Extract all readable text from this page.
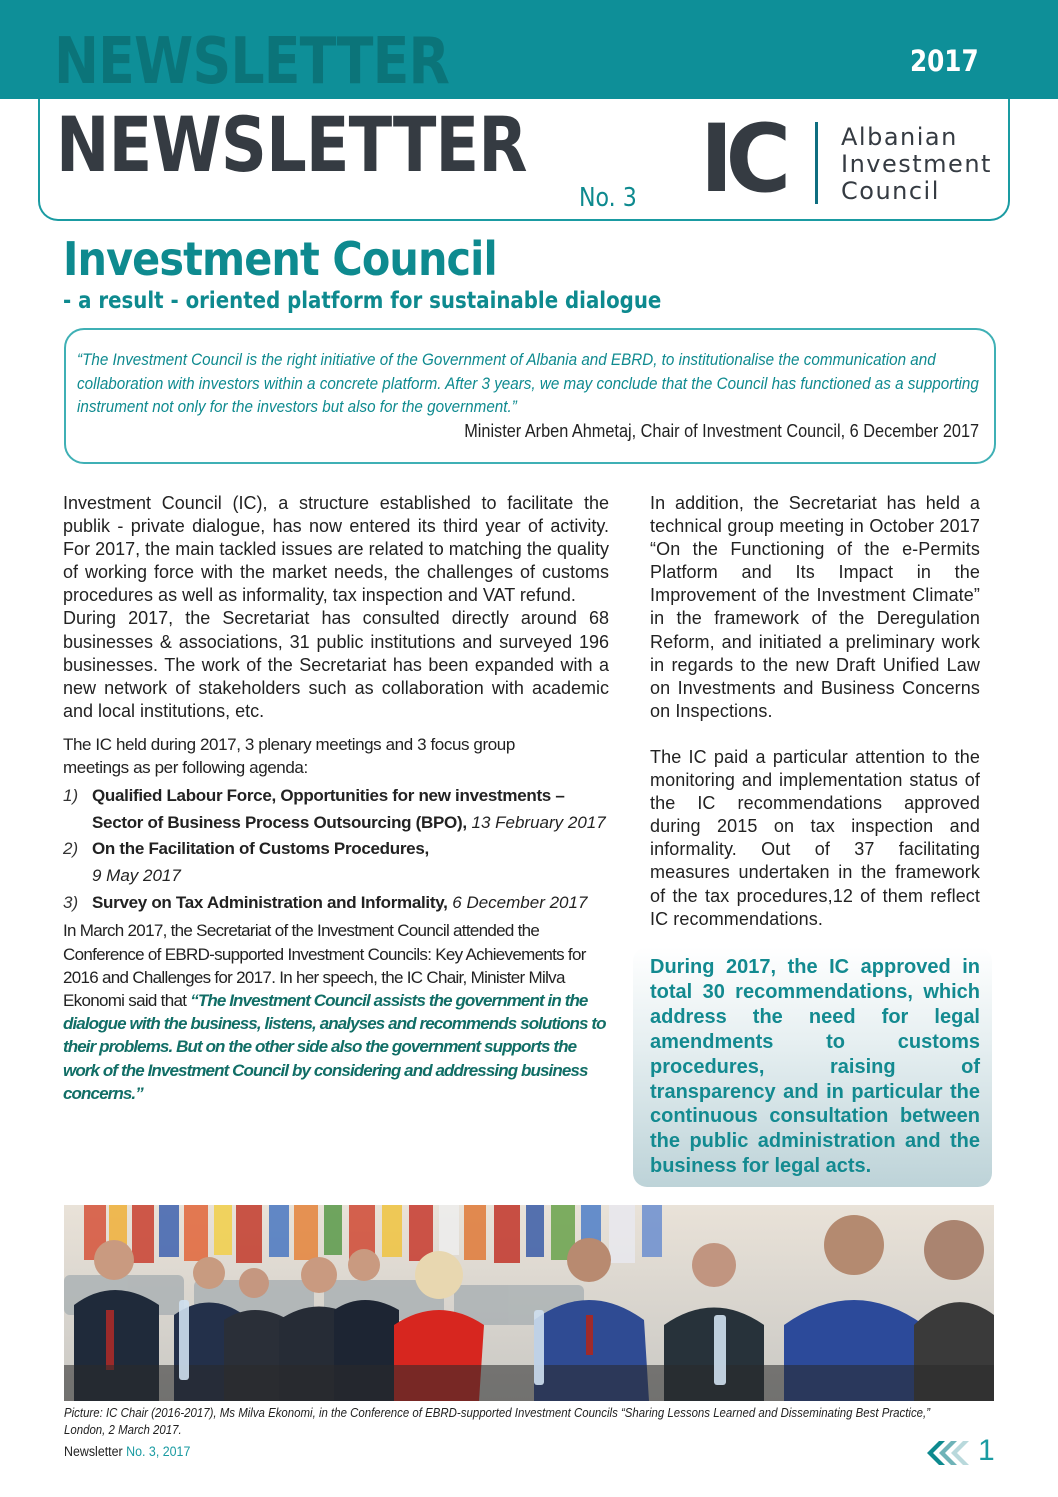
NEWSLETTER	2017
NEWSLETTER
No. 3 IC Albanian
Investment
Council
Investment Council
- a result - oriented platform for sustainable dialogue
“The Investment Council is the right initiative of the Government of Albania and EBRD, to institutionalise the communication and collaboration with investors within a concrete platform. After 3 years, we may conclude that the Council has functioned as a supporting instrument not only for the investors but also for the government.”
Minister Arben Ahmetaj, Chair of Investment Council, 6 December 2017

Investment Council (IC), a structure established to facilitate the publik - private dialogue, has now entered its third year of activity. For 2017, the main tackled issues are related to matching the quality of working force with the market needs, the challenges of customs procedures as well as informality, tax inspection and VAT refund.

During 2017, the Secretariat has consulted directly around 68 businesses & associations, 31 public institutions and surveyed 196 businesses. The work of the Secretariat has been expanded with a new network of stakeholders such as collaboration with academic and local institutions, etc.

The IC held during 2017, 3 plenary meetings and 3 focus group meetings as per following agenda:

1) Qualified Labour Force, Opportunities for new investments – Sector of Business Process Outsourcing (BPO), 13 February 2017
2) On the Facilitation of Customs Procedures,
9 May 2017
3) Survey on Tax Administration and Informality, 6 December 2017

In March 2017, the Secretariat of the Investment Council attended the Conference of EBRD-supported Investment Councils: Key Achievements for 2016 and Challenges for 2017. In her speech, the IC Chair, Minister Milva Ekonomi said that “The Investment Council assists the government in the dialogue with the business, listens, analyses and recommends solutions to their problems. But on the other side also the government supports the work of the Investment Council by considering and addressing business concerns.”

In addition, the Secretariat has held a technical group meeting in October 2017 “On the Functioning of the e-Permits Platform and Its Impact in the Improvement of the Investment Climate” in the framework of the Deregulation Reform, and initiated a preliminary work in regards to the new Draft Unified Law on Investments and Business Concerns on Inspections.

The IC paid a particular attention to the monitoring and implementation status of the IC recommendations approved during 2015 on tax inspection and informality. Out of 37 facilitating measures undertaken in the framework of the tax procedures,12 of them reflect IC recommendations.

During 2017, the IC approved in total 30 recommendations, which address the need for legal amendments to customs procedures, raising of transparency and in particular the continuous consultation between the public administration and the business for legal acts.

Picture: IC Chair (2016-2017), Ms Milva Ekonomi, in the Conference of EBRD-supported Investment Councils “Sharing Lessons Learned and Disseminating Best Practice,” London, 2 March 2017.
Newsletter No. 3, 2017	1
